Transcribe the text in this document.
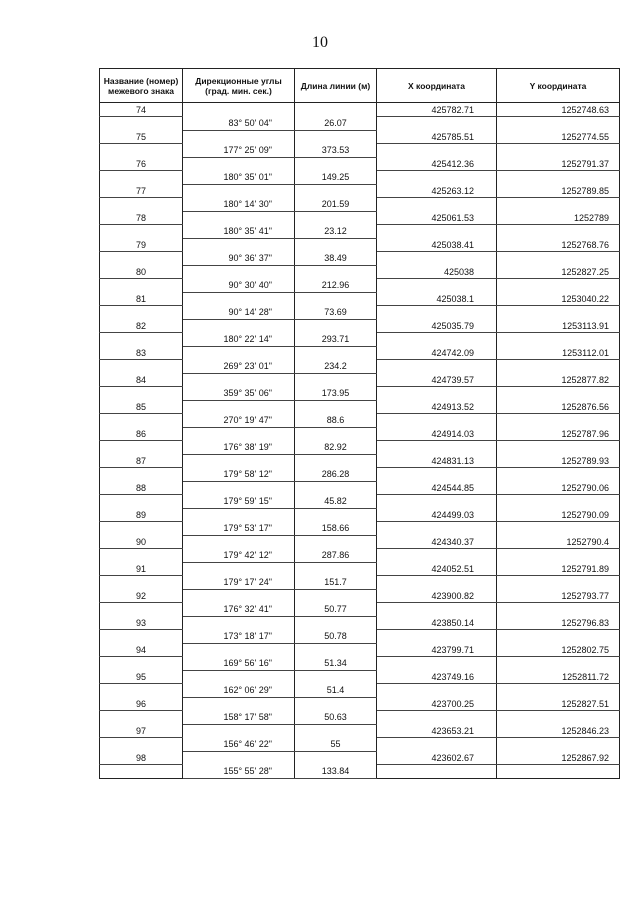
10
Название (номер) межевого знака	Дирекционные углы (град. мин. сек.)	Длина линии (м)	X координата	Y координата
74			425782.71	1252748.63
	83° 50' 04"	26.07		
75			425785.51	1252774.55
	177° 25' 09"	373.53		
76			425412.36	1252791.37
	180° 35' 01"	149.25		
77			425263.12	1252789.85
	180° 14' 30"	201.59		
78			425061.53	1252789
	180° 35' 41"	23.12		
79			425038.41	1252768.76
	90° 36' 37"	38.49		
80			425038	1252827.25
	90° 30' 40"	212.96		
81			425038.1	1253040.22
	90° 14' 28"	73.69		
82			425035.79	1253113.91
	180° 22' 14"	293.71		
83			424742.09	1253112.01
	269° 23' 01"	234.2		
84			424739.57	1252877.82
	359° 35' 06"	173.95		
85			424913.52	1252876.56
	270° 19' 47"	88.6		
86			424914.03	1252787.96
	176° 38' 19"	82.92		
87			424831.13	1252789.93
	179° 58' 12"	286.28		
88			424544.85	1252790.06
	179° 59' 15"	45.82		
89			424499.03	1252790.09
	179° 53' 17"	158.66		
90			424340.37	1252790.4
	179° 42' 12"	287.86		
91			424052.51	1252791.89
	179° 17' 24"	151.7		
92			423900.82	1252793.77
	176° 32' 41"	50.77		
93			423850.14	1252796.83
	173° 18' 17"	50.78		
94			423799.71	1252802.75
	169° 56' 16"	51.34		
95			423749.16	1252811.72
	162° 06' 29"	51.4		
96			423700.25	1252827.51
	158° 17' 58"	50.63		
97			423653.21	1252846.23
	156° 46' 22"	55		
98			423602.67	1252867.92
	155° 55' 28"	133.84		
